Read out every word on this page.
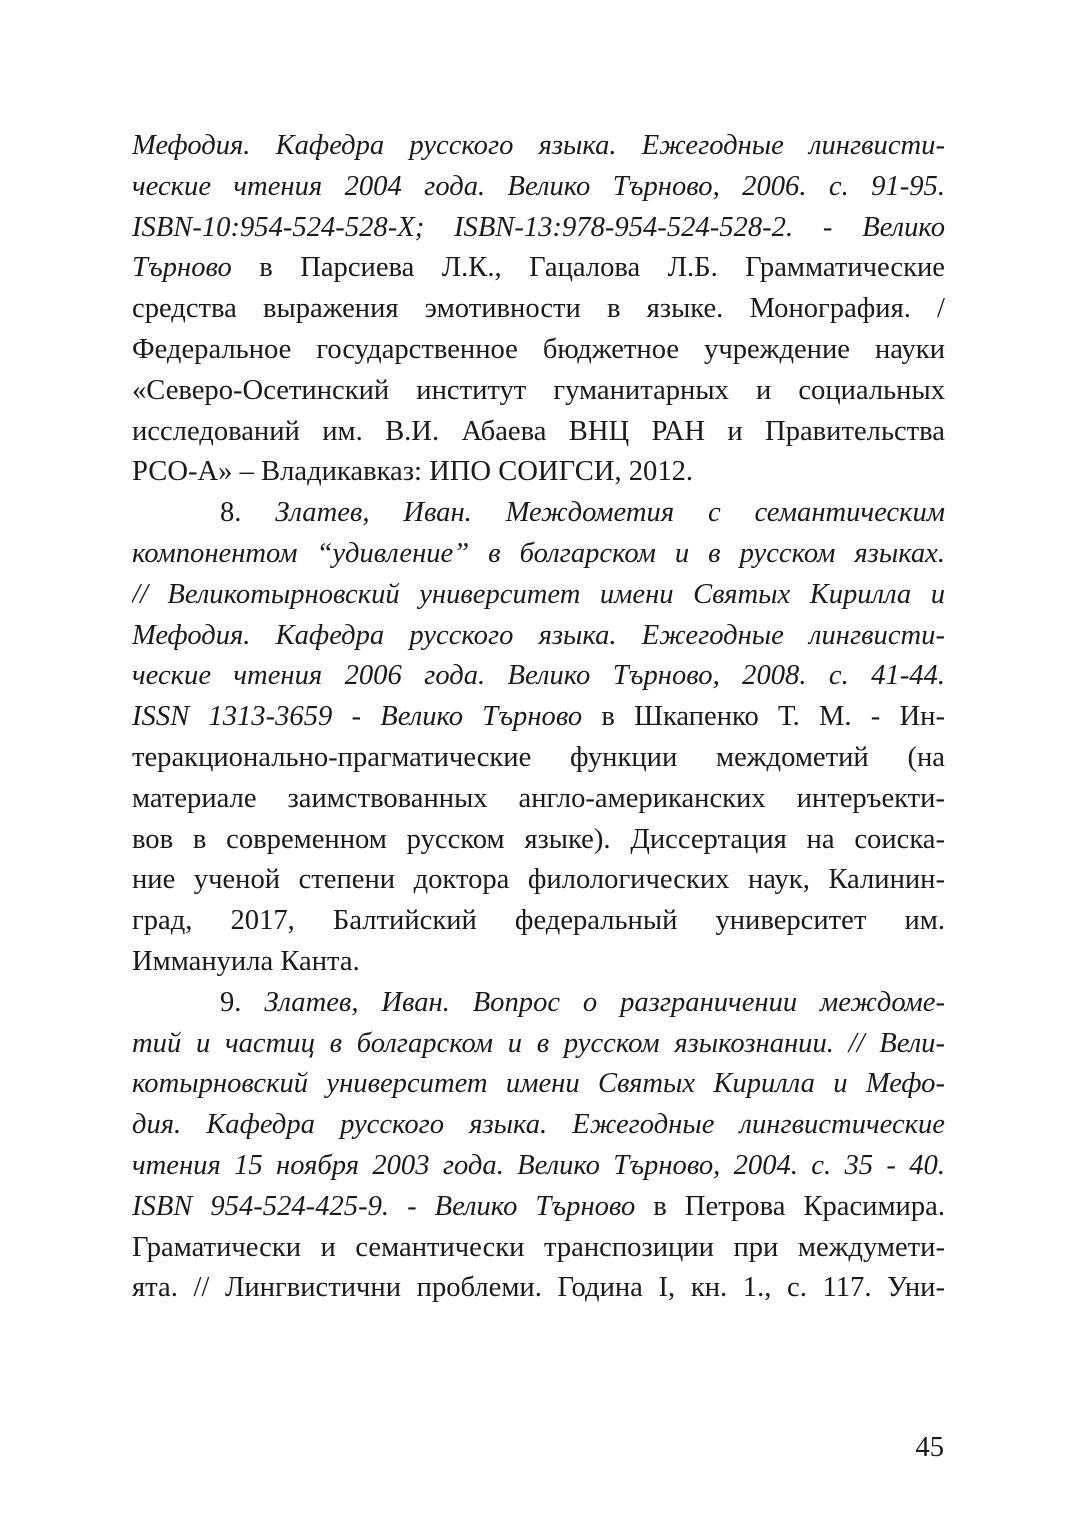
Мефодия. Кафедра русского языка. Ежегодные лингвисти-
ческие чтения 2004 года. Велико Търново, 2006. с. 91-95.
ISBN-10:954-524-528-X; ISBN-13:978-954-524-528-2. - Велико
Търново в Парсиева Л.К., Гацалова Л.Б. Грамматические
средства выражения эмотивности в языке. Монография. /
Федеральное государственное бюджетное учреждение науки
«Северо-Осетинский институт гуманитарных и социальных
исследований им. В.И. Абаева ВНЦ РАН и Правительства
РСО-А» – Владикавказ: ИПО СОИГСИ, 2012.
8. Златев, Иван. Междометия с семантическим
компонентом “удивление” в болгарском и в русском языках.
// Великотырновский университет имени Святых Кирилла и
Мефодия. Кафедра русского языка. Ежегодные лингвисти-
ческие чтения 2006 года. Велико Търново, 2008. с. 41-44.
ISSN 1313-3659 - Велико Търново в Шкапенко Т. М. - Ин-
теракционально-прагматические функции междометий (на
материале заимствованных англо-американских интеръекти-
вов в современном русском языке). Диссертация на соиска-
ние ученой степени доктора филологических наук, Калинин-
град, 2017, Балтийский федеральный университет им.
Иммануила Канта.
9. Златев, Иван. Вопрос о разграничении междоме-
тий и частиц в болгарском и в русском языкознании. // Вели-
котырновский университет имени Святых Кирилла и Мефо-
дия. Кафедра русского языка. Ежегодные лингвистические
чтения 15 ноября 2003 года. Велико Търново, 2004. с. 35 - 40.
ISBN 954-524-425-9. - Велико Търново в Петрова Красимира.
Граматически и семантически транспозиции при междумети-
ята. // Лингвистични проблеми. Година I, кн. 1., с. 117. Уни-
45
